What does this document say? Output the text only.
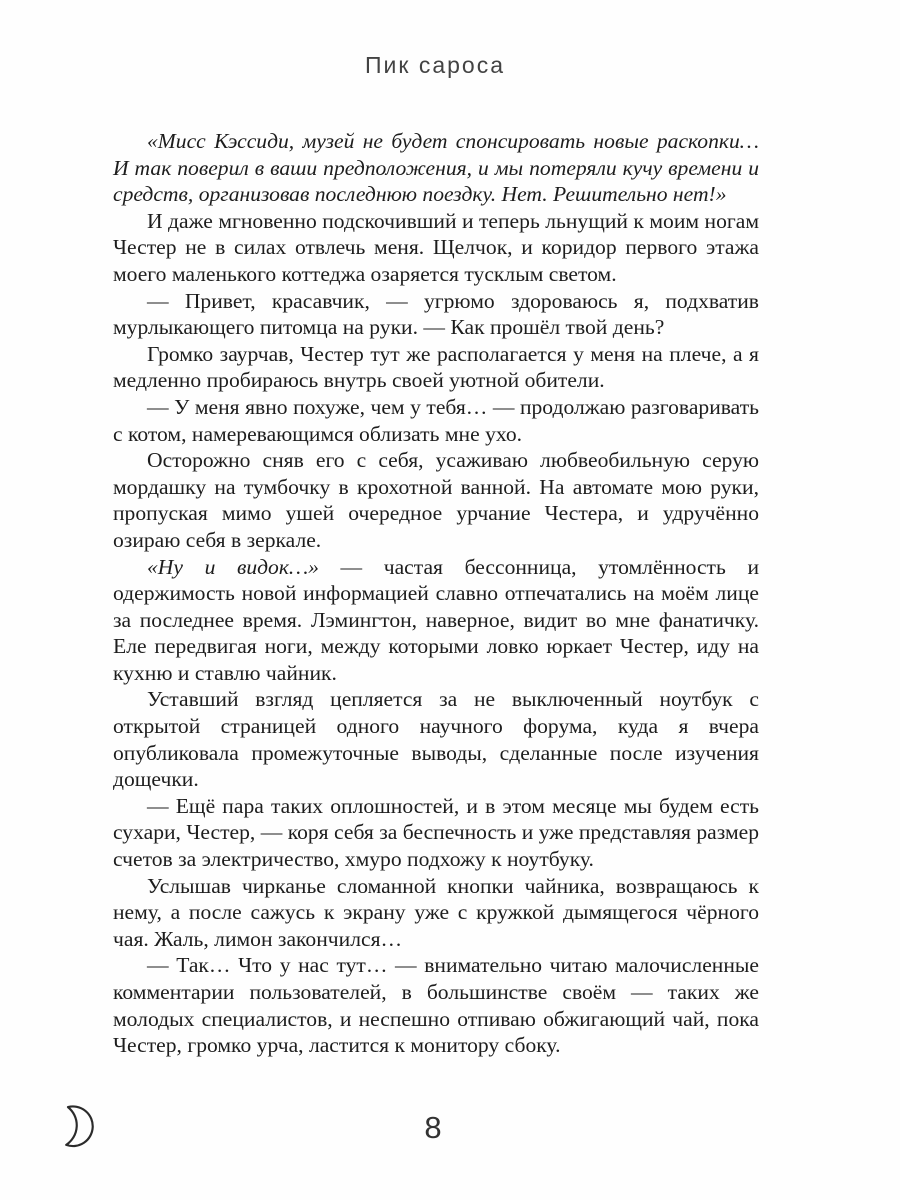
Пик сароса

«Мисс Кэссиди, музей не будет спонсировать новые раскопки… И так поверил в ваши предположения, и мы потеряли кучу времени и средств, организовав последнюю поездку. Нет. Решительно нет!»

И даже мгновенно подскочивший и теперь льнущий к моим ногам Честер не в силах отвлечь меня. Щелчок, и коридор первого этажа моего маленького коттеджа озаряется тусклым светом.

— Привет, красавчик, — угрюмо здороваюсь я, подхватив мурлыкающего питомца на руки. — Как прошёл твой день?

Громко заурчав, Честер тут же располагается у меня на плече, а я медленно пробираюсь внутрь своей уютной обители.

— У меня явно похуже, чем у тебя… — продолжаю разговаривать с котом, намеревающимся облизать мне ухо.

Осторожно сняв его с себя, усаживаю любвеобильную серую мордашку на тумбочку в крохотной ванной. На автомате мою руки, пропуская мимо ушей очередное урчание Честера, и удручённо озираю себя в зеркале.

«Ну и видок…» — частая бессонница, утомлённость и одержимость новой информацией славно отпечатались на моём лице за последнее время. Лэмингтон, наверное, видит во мне фанатичку. Еле передвигая ноги, между которыми ловко юркает Честер, иду на кухню и ставлю чайник.

Уставший взгляд цепляется за не выключенный ноутбук с открытой страницей одного научного форума, куда я вчера опубликовала промежуточные выводы, сделанные после изучения дощечки.

— Ещё пара таких оплошностей, и в этом месяце мы будем есть сухари, Честер, — коря себя за беспечность и уже представляя размер счетов за электричество, хмуро подхожу к ноутбуку.

Услышав чирканье сломанной кнопки чайника, возвращаюсь к нему, а после сажусь к экрану уже с кружкой дымящегося чёрного чая. Жаль, лимон закончился…

— Так… Что у нас тут… — внимательно читаю малочисленные комментарии пользователей, в большинстве своём — таких же молодых специалистов, и неспешно отпиваю обжигающий чай, пока Честер, громко урча, ластится к монитору сбоку.

8
